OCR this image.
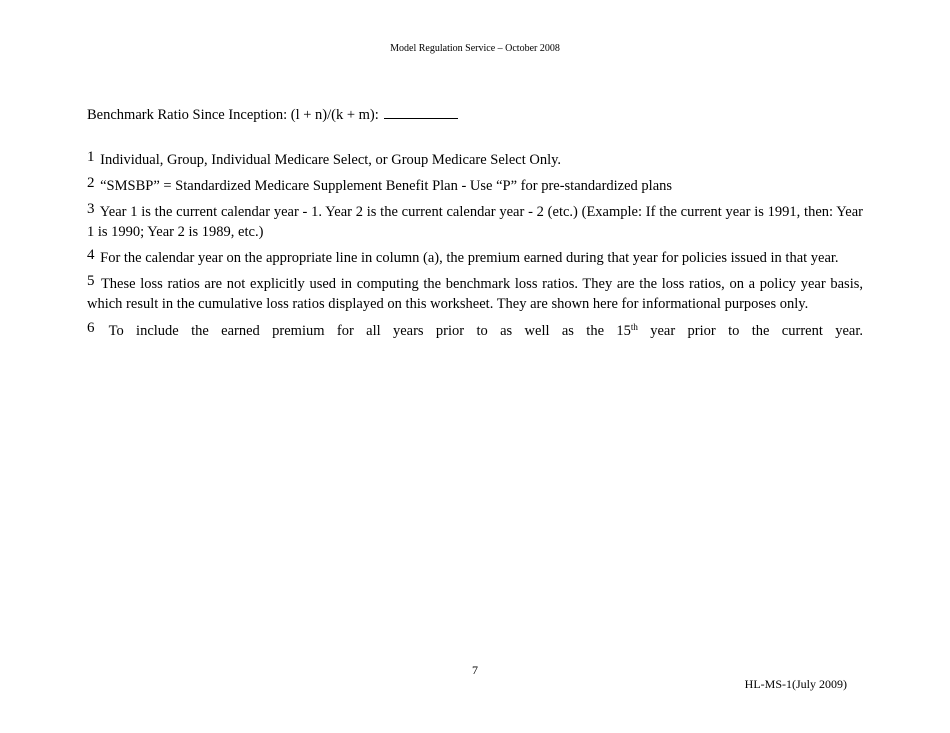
Model Regulation Service – October 2008
Benchmark Ratio Since Inception: (l + n)/(k + m):

1 Individual, Group, Individual Medicare Select, or Group Medicare Select Only.

2 “SMSBP” = Standardized Medicare Supplement Benefit Plan - Use “P” for pre-standardized plans

3 Year 1 is the current calendar year - 1. Year 2 is the current calendar year - 2 (etc.) (Example: If the current year is 1991, then: Year 1 is 1990; Year 2 is 1989, etc.)

4 For the calendar year on the appropriate line in column (a), the premium earned during that year for policies issued in that year.

5 These loss ratios are not explicitly used in computing the benchmark loss ratios. They are the loss ratios, on a policy year basis, which result in the cumulative loss ratios displayed on this worksheet. They are shown here for informational purposes only.

6 To include the earned premium for all years prior to as well as the 15th year prior to the current year.

7
HL-MS-1(July 2009)
